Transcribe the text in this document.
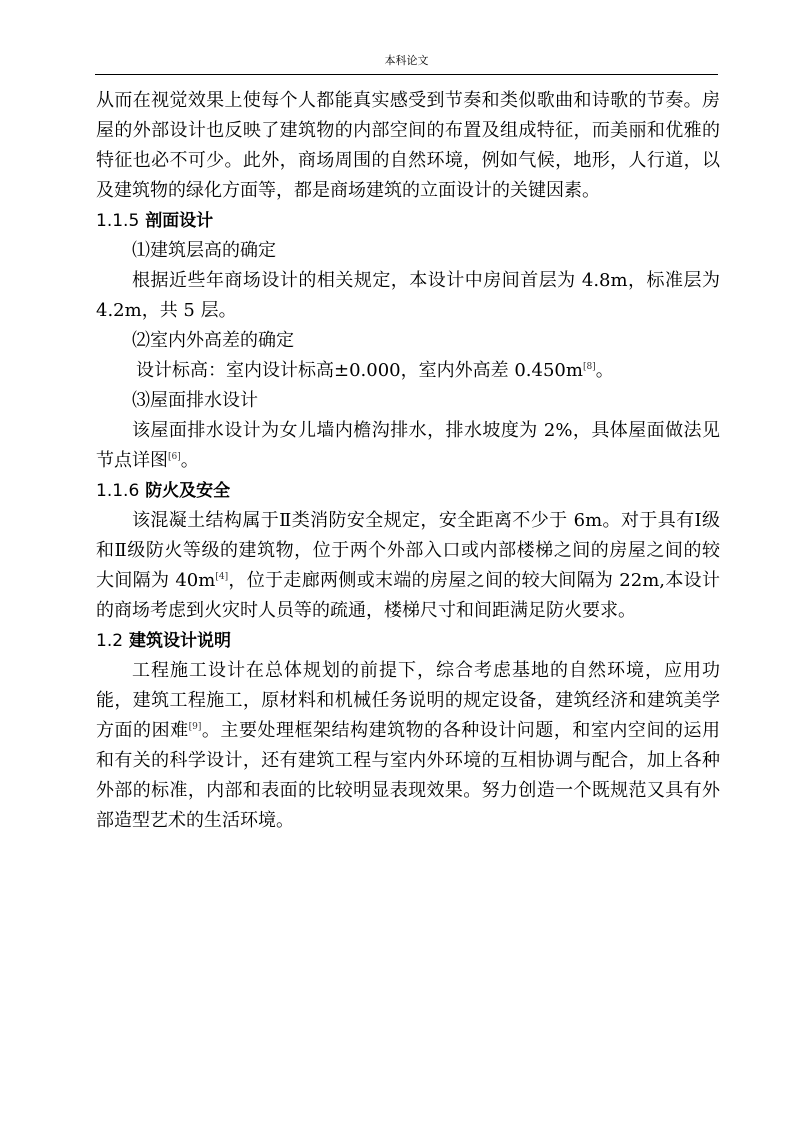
本科论文

从而在视觉效果上使每个人都能真实感受到节奏和类似歌曲和诗歌的节奏。房屋的外部设计也反映了建筑物的内部空间的布置及组成特征，而美丽和优雅的特征也必不可少。此外，商场周围的自然环境，例如气候，地形，人行道，以及建筑物的绿化方面等，都是商场建筑的立面设计的关键因素。

1.1.5 剖面设计

⑴建筑层高的确定

根据近些年商场设计的相关规定，本设计中房间首层为 4.8m，标准层为 4.2m，共 5 层。

⑵室内外高差的确定

设计标高：室内设计标高±0.000，室内外高差 0.450m[8]。

⑶屋面排水设计

该屋面排水设计为女儿墙内檐沟排水，排水坡度为 2%，具体屋面做法见节点详图[6]。

1.1.6 防火及安全

该混凝土结构属于Ⅱ类消防安全规定，安全距离不少于 6m。对于具有Ⅰ级和Ⅱ级防火等级的建筑物，位于两个外部入口或内部楼梯之间的房屋之间的较大间隔为 40m[4]，位于走廊两侧或末端的房屋之间的较大间隔为 22m,本设计的商场考虑到火灾时人员等的疏通，楼梯尺寸和间距满足防火要求。

1.2 建筑设计说明

工程施工设计在总体规划的前提下，综合考虑基地的自然环境，应用功能，建筑工程施工，原材料和机械任务说明的规定设备，建筑经济和建筑美学方面的困难[9]。主要处理框架结构建筑物的各种设计问题，和室内空间的运用和有关的科学设计，还有建筑工程与室内外环境的互相协调与配合，加上各种外部的标准，内部和表面的比较明显表现效果。努力创造一个既规范又具有外部造型艺术的生活环境。
